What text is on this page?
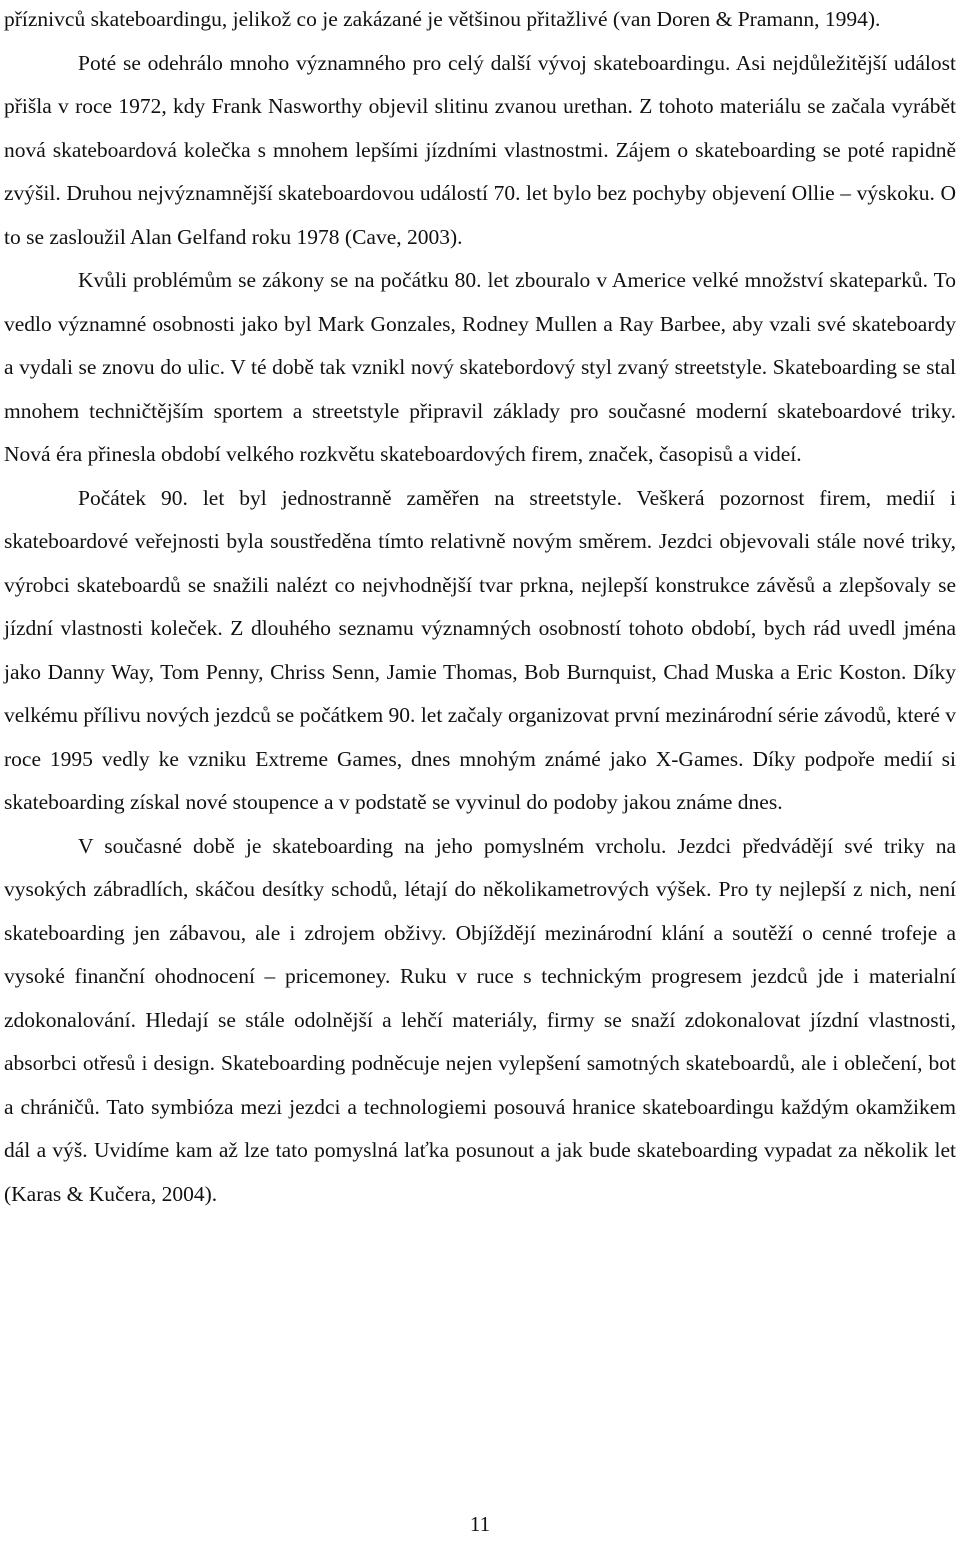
příznivců skateboardingu, jelikož co je zakázané je většinou přitažlivé (van Doren & Pramann, 1994).

Poté se odehrálo mnoho významného pro celý další vývoj skateboardingu. Asi nejdůležitější událost přišla v roce 1972, kdy Frank Nasworthy objevil slitinu zvanou urethan. Z tohoto materiálu se začala vyrábět nová skateboardová kolečka s mnohem lepšími jízdními vlastnostmi. Zájem o skateboarding se poté rapidně zvýšil. Druhou nejvýznamnější skateboardovou událostí 70. let bylo bez pochyby objevení Ollie – výskoku. O to se zasloužil Alan Gelfand roku 1978 (Cave, 2003).

Kvůli problémům se zákony se na počátku 80. let zbouralo v Americe velké množství skateparků. To vedlo významné osobnosti jako byl Mark Gonzales, Rodney Mullen a Ray Barbee, aby vzali své skateboardy a vydali se znovu do ulic. V té době tak vznikl nový skatebordový styl zvaný streetstyle. Skateboarding se stal mnohem techničtějším sportem a streetstyle připravil základy pro současné moderní skateboardové triky. Nová éra přinesla období velkého rozkvětu skateboardových firem, značek, časopisů a videí.

Počátek 90. let byl jednostranně zaměřen na streetstyle. Veškerá pozornost firem, medií i skateboardové veřejnosti byla soustředěna tímto relativně novým směrem. Jezdci objevovali stále nové triky, výrobci skateboardů se snažili nalézt co nejvhodnější tvar prkna, nejlepší konstrukce závěsů a zlepšovaly se jízdní vlastnosti koleček. Z dlouhého seznamu významných osobností tohoto období, bych rád uvedl jména jako Danny Way, Tom Penny, Chriss Senn, Jamie Thomas, Bob Burnquist, Chad Muska a Eric Koston. Díky velkému přílivu nových jezdců se počátkem 90. let začaly organizovat první mezinárodní série závodů, které v roce 1995 vedly ke vzniku Extreme Games, dnes mnohým známé jako X-Games. Díky podpoře medií si skateboarding získal nové stoupence a v podstatě se vyvinul do podoby jakou známe dnes.

V současné době je skateboarding na jeho pomyslném vrcholu. Jezdci předvádějí své triky na vysokých zábradlích, skáčou desítky schodů, létají do několikametrových výšek. Pro ty nejlepší z nich, není skateboarding jen zábavou, ale i zdrojem obživy. Objíždějí mezinárodní klání a soutěží o cenné trofeje a vysoké finanční ohodnocení – pricemoney. Ruku v ruce s technickým progresem jezdců jde i materialní zdokonalování. Hledají se stále odolnější a lehčí materiály, firmy se snaží zdokonalovat jízdní vlastnosti, absorbci otřesů i design. Skateboarding podněcuje nejen vylepšení samotných skateboardů, ale i oblečení, bot a chráničů. Tato symbióza mezi jezdci a technologiemi posouvá hranice skateboardingu každým okamžikem dál a výš. Uvidíme kam až lze tato pomyslná laťka posunout a jak bude skateboarding vypadat za několik let (Karas & Kučera, 2004).

11
